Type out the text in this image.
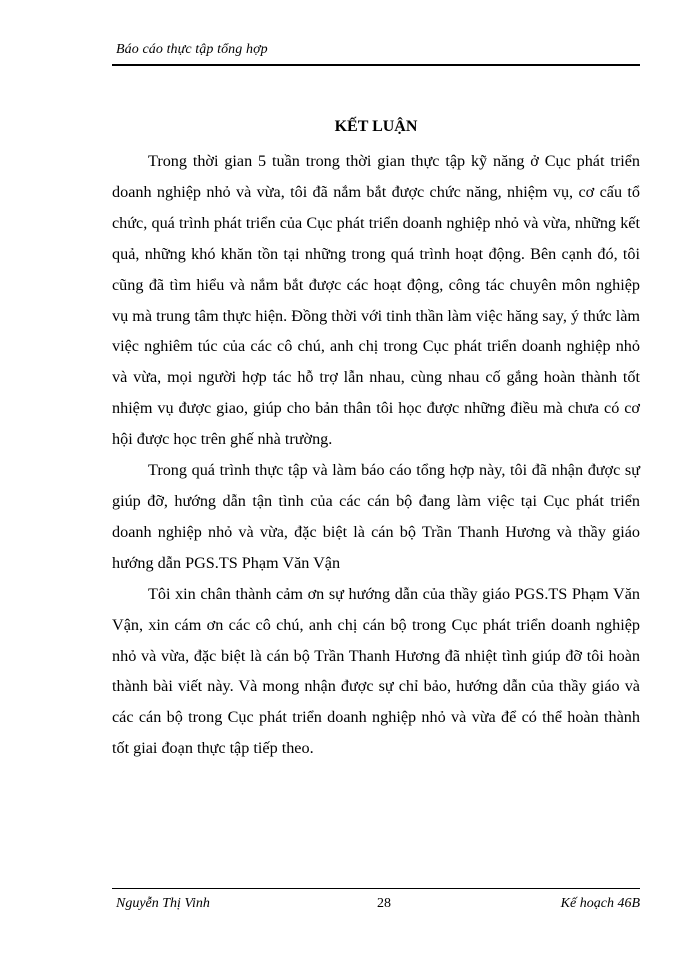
Báo cáo thực tập tổng hợp
KẾT LUẬN

Trong thời gian 5 tuần trong thời gian thực tập kỹ năng ở Cục phát triển doanh nghiệp nhỏ và vừa, tôi đã nắm bắt được chức năng, nhiệm vụ, cơ cấu tổ chức, quá trình phát triển của Cục phát triển doanh nghiệp nhỏ và vừa, những kết quả, những khó khăn tồn tại những trong quá trình hoạt động. Bên cạnh đó, tôi cũng đã tìm hiểu và nắm bắt được các hoạt động, công tác chuyên môn nghiệp vụ mà trung tâm thực hiện. Đồng thời với tinh thần làm việc hăng say, ý thức làm việc nghiêm túc của các cô chú, anh chị trong Cục phát triển doanh nghiệp nhỏ và vừa, mọi người hợp tác hỗ trợ lẫn nhau, cùng nhau cố gắng hoàn thành tốt nhiệm vụ được giao, giúp cho bản thân tôi học được những điều mà chưa có cơ hội được học trên ghế nhà trường.

Trong quá trình thực tập và làm báo cáo tổng hợp này, tôi đã nhận được sự giúp đỡ, hướng dẫn tận tình của các cán bộ đang làm việc tại Cục phát triển doanh nghiệp nhỏ và vừa, đặc biệt là cán bộ Trần Thanh Hương và thầy giáo hướng dẫn PGS.TS Phạm Văn Vận

Tôi xin chân thành cảm ơn sự hướng dẫn của thầy giáo PGS.TS Phạm Văn Vận, xin cám ơn các cô chú, anh chị cán bộ trong Cục phát triển doanh nghiệp nhỏ và vừa, đặc biệt là cán bộ Trần Thanh Hương đã nhiệt tình giúp đỡ tôi hoàn thành bài viết này. Và mong nhận được sự chỉ bảo, hướng dẫn của thầy giáo và các cán bộ trong Cục phát triển doanh nghiệp nhỏ và vừa để có thể hoàn thành tốt giai đoạn thực tập tiếp theo.

Nguyễn Thị Vinh	28	Kế hoạch 46B
